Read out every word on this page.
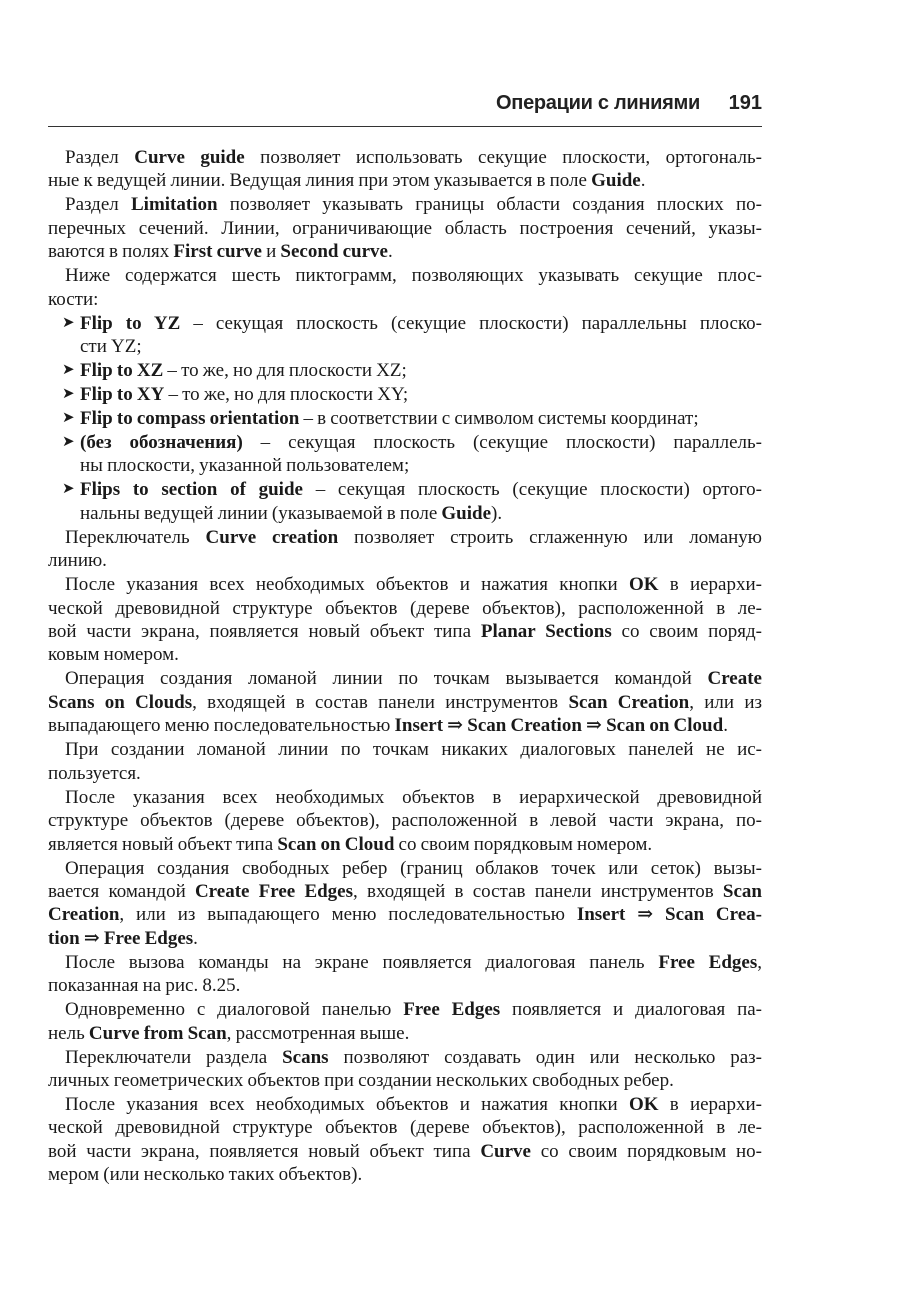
Операции с линиями 191
Раздел Curve guide позволяет использовать секущие плоскости, ортогональ-
ные к ведущей линии. Ведущая линия при этом указывается в поле Guide.
Раздел Limitation позволяет указывать границы области создания плоских по-
перечных сечений. Линии, ограничивающие область построения сечений, указы-
ваются в полях First curve и Second curve.
Ниже содержатся шесть пиктограмм, позволяющих указывать секущие плос-
кости:
➤ Flip to YZ – секущая плоскость (секущие плоскости) параллельны плоско-
сти YZ;
➤ Flip to XZ – то же, но для плоскости XZ;
➤ Flip to XY – то же, но для плоскости XY;
➤ Flip to compass orientation – в соответствии с символом системы координат;
➤ (без обозначения) – секущая плоскость (секущие плоскости) параллель-
ны плоскости, указанной пользователем;
➤ Flips to section of guide – секущая плоскость (секущие плоскости) ортого-
нальны ведущей линии (указываемой в поле Guide).
Переключатель Curve creation позволяет строить сглаженную или ломаную
линию.
После указания всех необходимых объектов и нажатия кнопки OK в иерархи-
ческой древовидной структуре объектов (дереве объектов), расположенной в ле-
вой части экрана, появляется новый объект типа Planar Sections со своим поряд-
ковым номером.
Операция создания ломаной линии по точкам вызывается командой Create
Scans on Clouds, входящей в состав панели инструментов Scan Creation, или из
выпадающего меню последовательностью Insert ⇒ Scan Creation ⇒ Scan on Cloud.
При создании ломаной линии по точкам никаких диалоговых панелей не ис-
пользуется.
После указания всех необходимых объектов в иерархической древовидной
структуре объектов (дереве объектов), расположенной в левой части экрана, по-
является новый объект типа Scan on Cloud со своим порядковым номером.
Операция создания свободных ребер (границ облаков точек или сеток) вызы-
вается командой Create Free Edges, входящей в состав панели инструментов Scan
Creation, или из выпадающего меню последовательностью Insert ⇒ Scan Crea-
tion ⇒ Free Edges.
После вызова команды на экране появляется диалоговая панель Free Edges,
показанная на рис. 8.25.
Одновременно с диалоговой панелью Free Edges появляется и диалоговая па-
нель Curve from Scan, рассмотренная выше.
Переключатели раздела Scans позволяют создавать один или несколько раз-
личных геометрических объектов при создании нескольких свободных ребер.
После указания всех необходимых объектов и нажатия кнопки OK в иерархи-
ческой древовидной структуре объектов (дереве объектов), расположенной в ле-
вой части экрана, появляется новый объект типа Curve со своим порядковым но-
мером (или несколько таких объектов).
